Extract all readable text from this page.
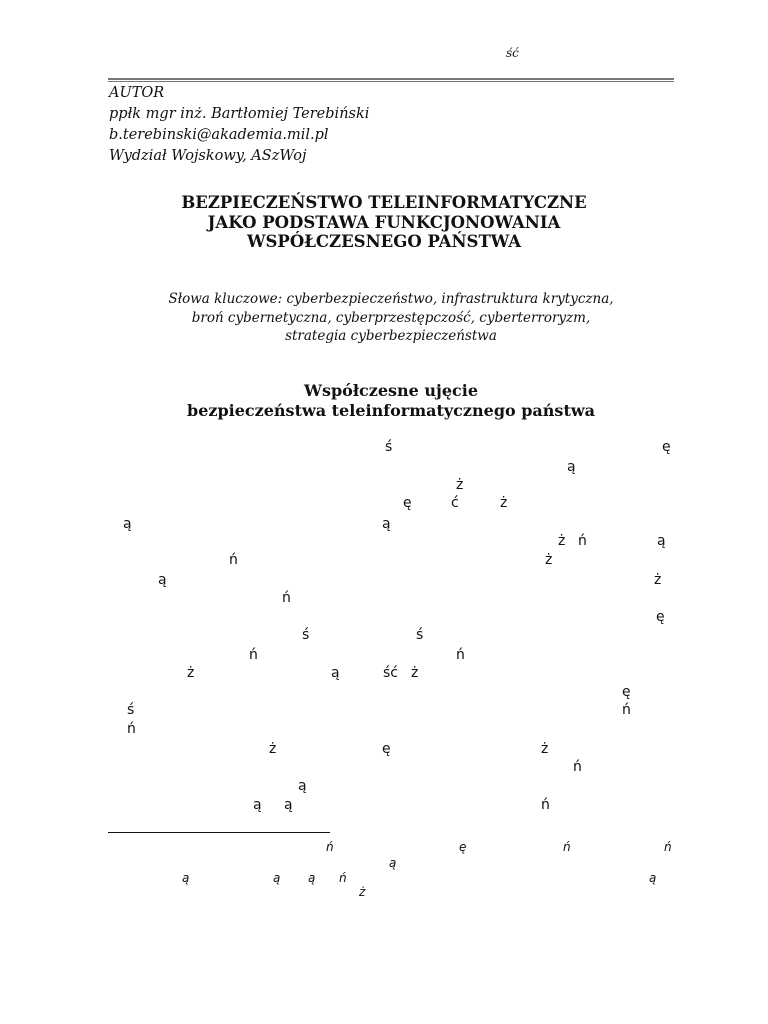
ść
AUTOR
ppłk mgr inż. Bartłomiej Terebiński
b.terebinski@akademia.mil.pl
Wydział Wojskowy, ASzWoj
BEZPIECZEŃSTWO TELEINFORMATYCZNE
JAKO PODSTAWA FUNKCJONOWANIA
WSPÓŁCZESNEGO PAŃSTWA
Słowa kluczowe: cyberbezpieczeństwo, infrastruktura krytyczna,
broń cybernetyczna, cyberprzestępczość, cyberterroryzm,
strategia cyberbezpieczeństwa
Współczesne ujęcie
bezpieczeństwa teleinformatycznego państwa
ś	ę
ą
ż
ę	ć	ż
ą	ą
ż ń	ą
ń	ż
ą	ż
ń
ę
ś	ś
ń	ń
ż	ą	ść ż
ę
ś	ń
ń
ż	ę	ż
ń
ą
ą ą	ń
ń	ę	ń	ń
ą
ą	ą ą ń	ą
ż
